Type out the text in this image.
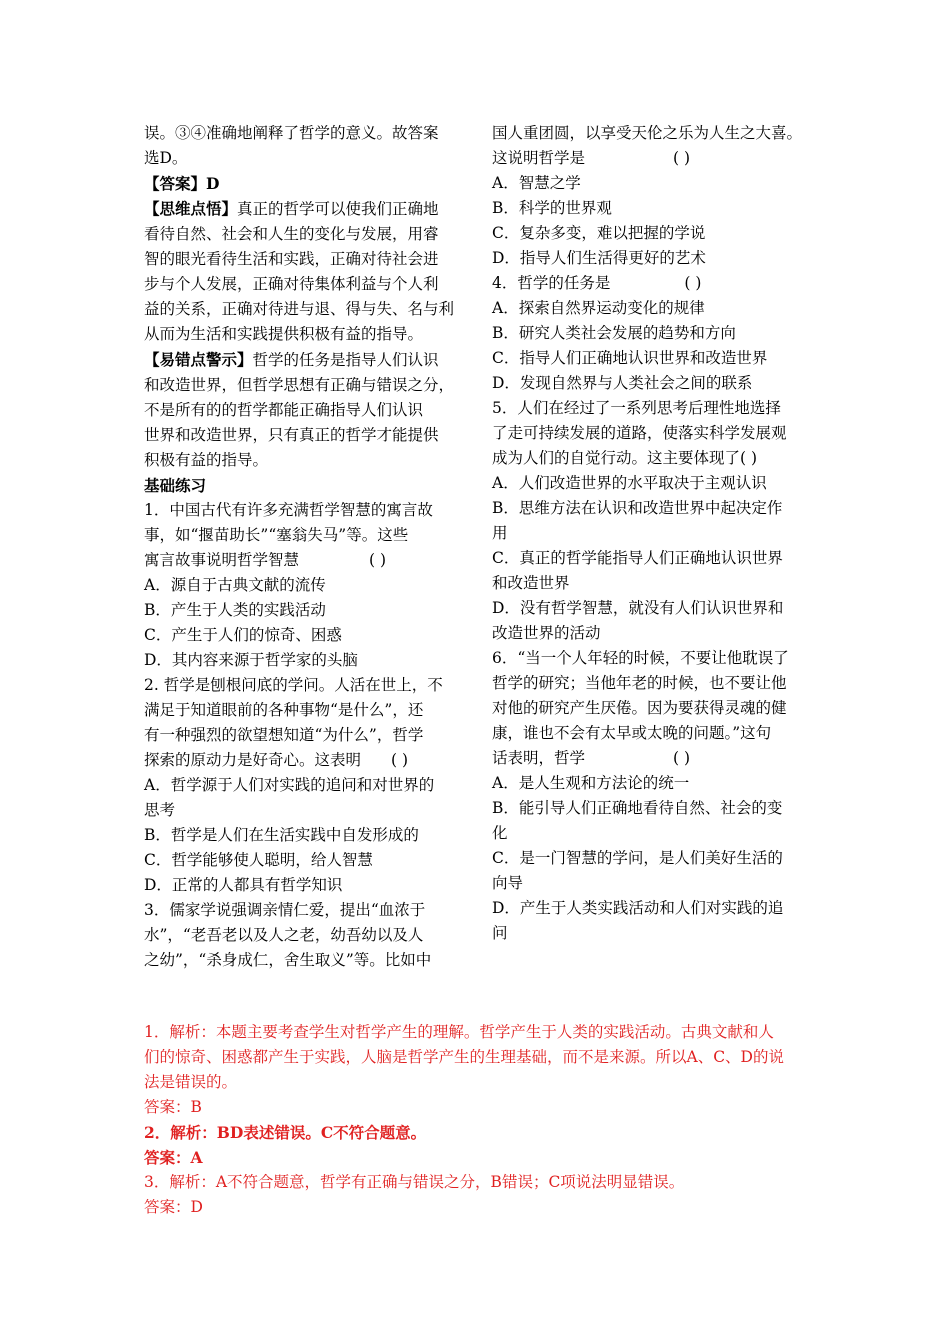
误。③④准确地阐释了哲学的意义。故答案
选D。
【答案】D
【思维点悟】真正的哲学可以使我们正确地
看待自然、社会和人生的变化与发展，用睿
智的眼光看待生活和实践，正确对待社会进
步与个人发展，正确对待集体利益与个人利
益的关系，正确对待进与退、得与失、名与利
从而为生活和实践提供积极有益的指导。
【易错点警示】哲学的任务是指导人们认识
和改造世界，但哲学思想有正确与错误之分，
不是所有的的哲学都能正确指导人们认识
世界和改造世界，只有真正的哲学才能提供
积极有益的指导。
基础练习
1．中国古代有许多充满哲学智慧的寓言故
事，如“揠苗助长”“塞翁失马”等。这些
寓言故事说明哲学智慧	( )
A．源自于古典文献的流传
B．产生于人类的实践活动
C．产生于人们的惊奇、困惑
D．其内容来源于哲学家的头脑
2. 哲学是刨根问底的学问。人活在世上，不
满足于知道眼前的各种事物“是什么”，还
有一种强烈的欲望想知道“为什么”，哲学
探索的原动力是好奇心。这表明 ( )
A．哲学源于人们对实践的追问和对世界的
思考
B．哲学是人们在生活实践中自发形成的
C．哲学能够使人聪明，给人智慧
D．正常的人都具有哲学知识
3．儒家学说强调亲情仁爱，提出“血浓于
水”，“老吾老以及人之老，幼吾幼以及人
之幼”，“杀身成仁，舍生取义”等。比如中
国人重团圆，以享受天伦之乐为人生之大喜。
这说明哲学是	( )
A．智慧之学
B．科学的世界观
C．复杂多变，难以把握的学说
D．指导人们生活得更好的艺术
4．哲学的任务是	( )
A．探索自然界运动变化的规律
B．研究人类社会发展的趋势和方向
C．指导人们正确地认识世界和改造世界
D．发现自然界与人类社会之间的联系
5．人们在经过了一系列思考后理性地选择
了走可持续发展的道路，使落实科学发展观
成为人们的自觉行动。这主要体现了( )
A．人们改造世界的水平取决于主观认识
B．思维方法在认识和改造世界中起决定作
用
C．真正的哲学能指导人们正确地认识世界
和改造世界
D．没有哲学智慧，就没有人们认识世界和
改造世界的活动
6．“当一个人年轻的时候，不要让他耽误了
哲学的研究；当他年老的时候，也不要让他
对他的研究产生厌倦。因为要获得灵魂的健
康，谁也不会有太早或太晚的问题。”这句
话表明，哲学	( )
A．是人生观和方法论的统一
B．能引导人们正确地看待自然、社会的变
化
C．是一门智慧的学问，是人们美好生活的
向导
D．产生于人类实践活动和人们对实践的追
问
1．解析：本题主要考查学生对哲学产生的理解。哲学产生于人类的实践活动。古典文献和人
们的惊奇、困惑都产生于实践，人脑是哲学产生的生理基础，而不是来源。所以A、C、D的说
法是错误的。
答案：B
2．解析：BD表述错误。C不符合题意。
答案：A
3．解析：A不符合题意，哲学有正确与错误之分，B错误；C项说法明显错误。
答案：D
